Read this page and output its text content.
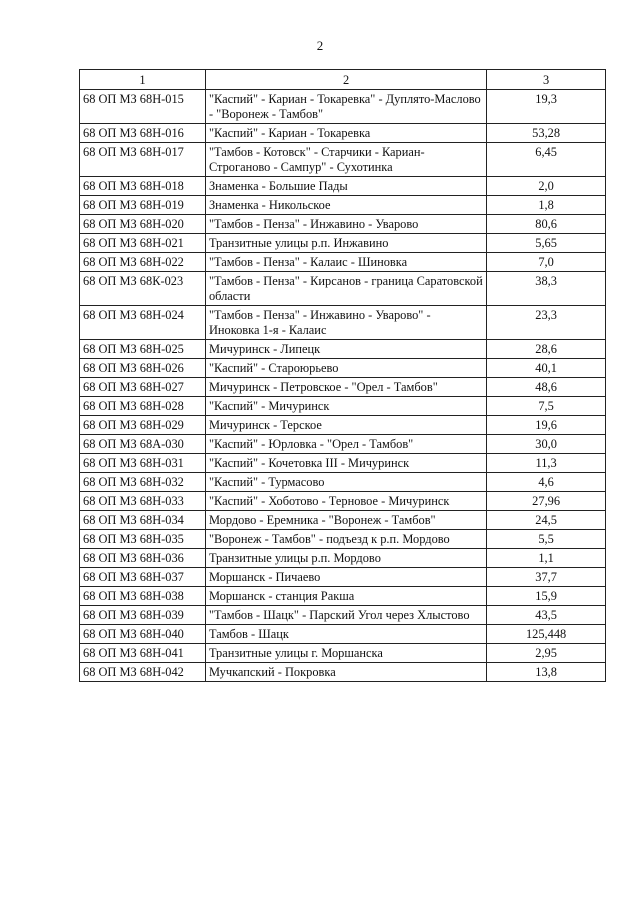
2
1	2	3
68 ОП МЗ 68Н-015	"Каспий" - Кариан - Токаревка" - Дуплято-Маслово - "Воронеж - Тамбов"	19,3
68 ОП МЗ 68Н-016	"Каспий" - Кариан - Токаревка	53,28
68 ОП МЗ 68Н-017	"Тамбов - Котовск" - Старчики - Кариан-Строганово - Сампур" - Сухотинка	6,45
68 ОП МЗ 68Н-018	Знаменка - Большие Пады	2,0
68 ОП МЗ 68Н-019	Знаменка - Никольское	1,8
68 ОП МЗ 68Н-020	"Тамбов - Пенза" - Инжавино - Уварово	80,6
68 ОП МЗ 68Н-021	Транзитные улицы р.п. Инжавино	5,65
68 ОП МЗ 68Н-022	"Тамбов - Пенза" - Калаис - Шиновка	7,0
68 ОП МЗ 68К-023	"Тамбов - Пенза" - Кирсанов - граница Саратовской области	38,3
68 ОП МЗ 68Н-024	"Тамбов - Пенза" - Инжавино - Уварово" - Иноковка 1-я - Калаис	23,3
68 ОП МЗ 68Н-025	Мичуринск - Липецк	28,6
68 ОП МЗ 68Н-026	"Каспий" - Староюрьево	40,1
68 ОП МЗ 68Н-027	Мичуринск - Петровское - "Орел - Тамбов"	48,6
68 ОП МЗ 68Н-028	"Каспий" - Мичуринск	7,5
68 ОП МЗ 68Н-029	Мичуринск - Терское	19,6
68 ОП МЗ 68А-030	"Каспий" - Юрловка - "Орел - Тамбов"	30,0
68 ОП МЗ 68Н-031	"Каспий" - Кочетовка III - Мичуринск	11,3
68 ОП МЗ 68Н-032	"Каспий" - Турмасово	4,6
68 ОП МЗ 68Н-033	"Каспий" - Хоботово - Терновое - Мичуринск	27,96
68 ОП МЗ 68Н-034	Мордово - Еремника - "Воронеж - Тамбов"	24,5
68 ОП МЗ 68Н-035	"Воронеж - Тамбов" - подъезд к р.п. Мордово	5,5
68 ОП МЗ 68Н-036	Транзитные улицы р.п. Мордово	1,1
68 ОП МЗ 68Н-037	Моршанск - Пичаево	37,7
68 ОП МЗ 68Н-038	Моршанск - станция Ракша	15,9
68 ОП МЗ 68Н-039	"Тамбов - Шацк" - Парский Угол через Хлыстово	43,5
68 ОП МЗ 68Н-040	Тамбов - Шацк	125,448
68 ОП МЗ 68Н-041	Транзитные улицы г. Моршанска	2,95
68 ОП МЗ 68Н-042	Мучкапский - Покровка	13,8
